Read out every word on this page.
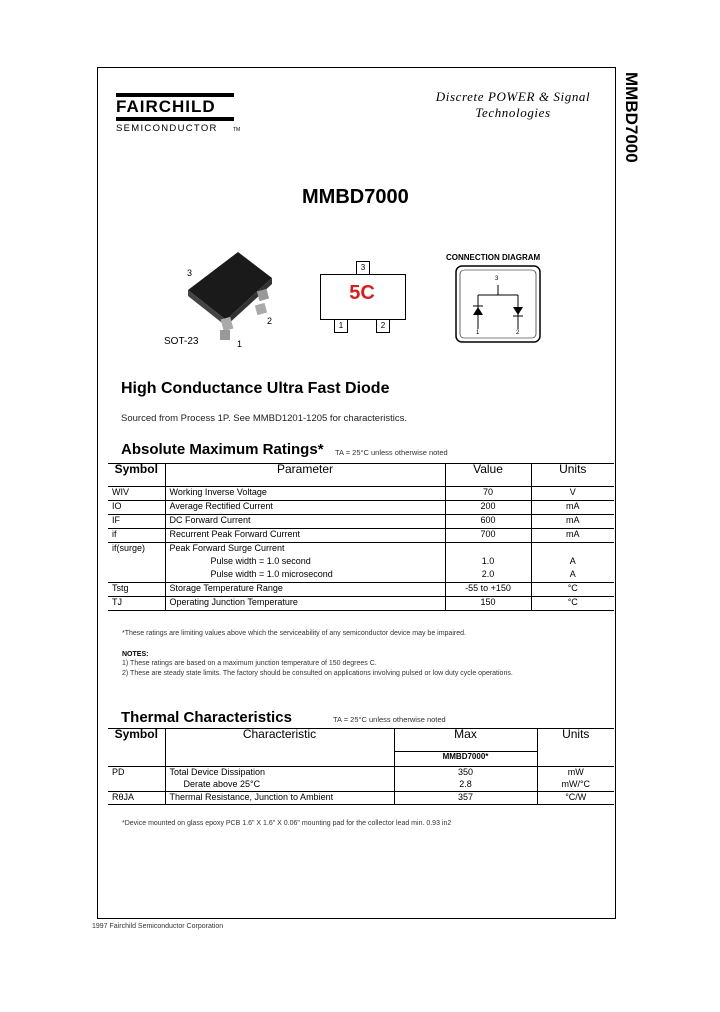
FAIRCHILD
SEMICONDUCTOR	TM
Discrete POWER & Signal
Technologies	MMBD7000
MMBD7000
3
2
1
SOT-23
3
5C
1	2
CONNECTION DIAGRAM
3
1	2
High Conductance Ultra Fast Diode
Sourced from Process 1P. See MMBD1201-1205 for characteristics.
Absolute Maximum Ratings* TA = 25°C unless otherwise noted
Symbol	Parameter	Value	Units
WIV	Working Inverse Voltage	70	V
IO	Average Rectified Current	200	mA
IF	DC Forward Current	600	mA
if	Recurrent Peak Forward Current	700	mA
if(surge)	Peak Forward Surge Current		
	Pulse width = 1.0 second	1.0	A
	Pulse width = 1.0 microsecond	2.0	A
Tstg	Storage Temperature Range	-55 to +150	°C
TJ	Operating Junction Temperature	150	°C
*These ratings are limiting values above which the serviceability of any semiconductor device may be impaired.
NOTES:
1) These ratings are based on a maximum junction temperature of 150 degrees C.
2) These are steady state limits. The factory should be consulted on applications involving pulsed or low duty cycle operations.
Thermal Characteristics	TA = 25°C unless otherwise noted
Symbol	Characteristic	Max	Units
		MMBD7000*	
PD	Total Device Dissipation	350	mW
	Derate above 25°C	2.8	mW/°C
RθJA	Thermal Resistance, Junction to Ambient	357	°C/W
*Device mounted on glass epoxy PCB 1.6" X 1.6" X 0.06" mounting pad for the collector lead min. 0.93 in2
1997 Fairchild Semiconductor Corporation
